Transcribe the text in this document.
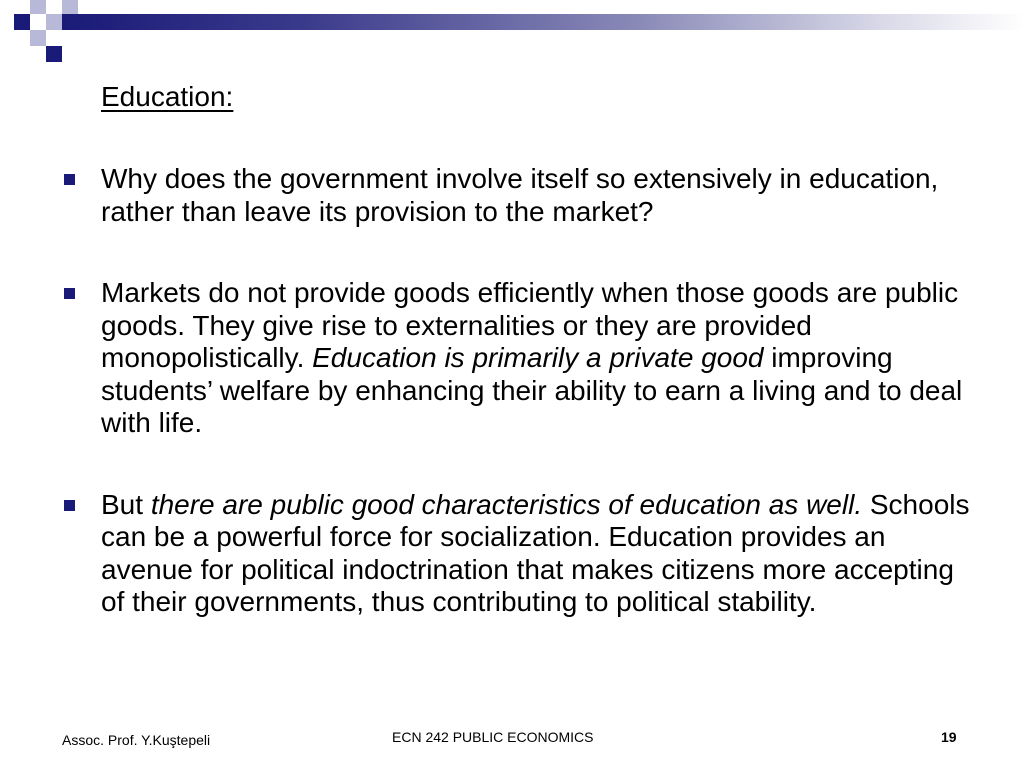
Education:
Why does the government involve itself so extensively in education, rather than leave its provision to the market?
Markets do not provide goods efficiently when those goods are public goods. They give rise to externalities or they are provided monopolistically. Education is primarily a private good improving students’ welfare by enhancing their ability to earn a living and to deal with life.
But there are public good characteristics of education as well. Schools can be a powerful force for socialization. Education provides an avenue for political indoctrination that makes citizens more accepting of their governments, thus contributing to political stability.
Assoc. Prof. Y.Kuştepeli	ECN 242 PUBLIC ECONOMICS	19
